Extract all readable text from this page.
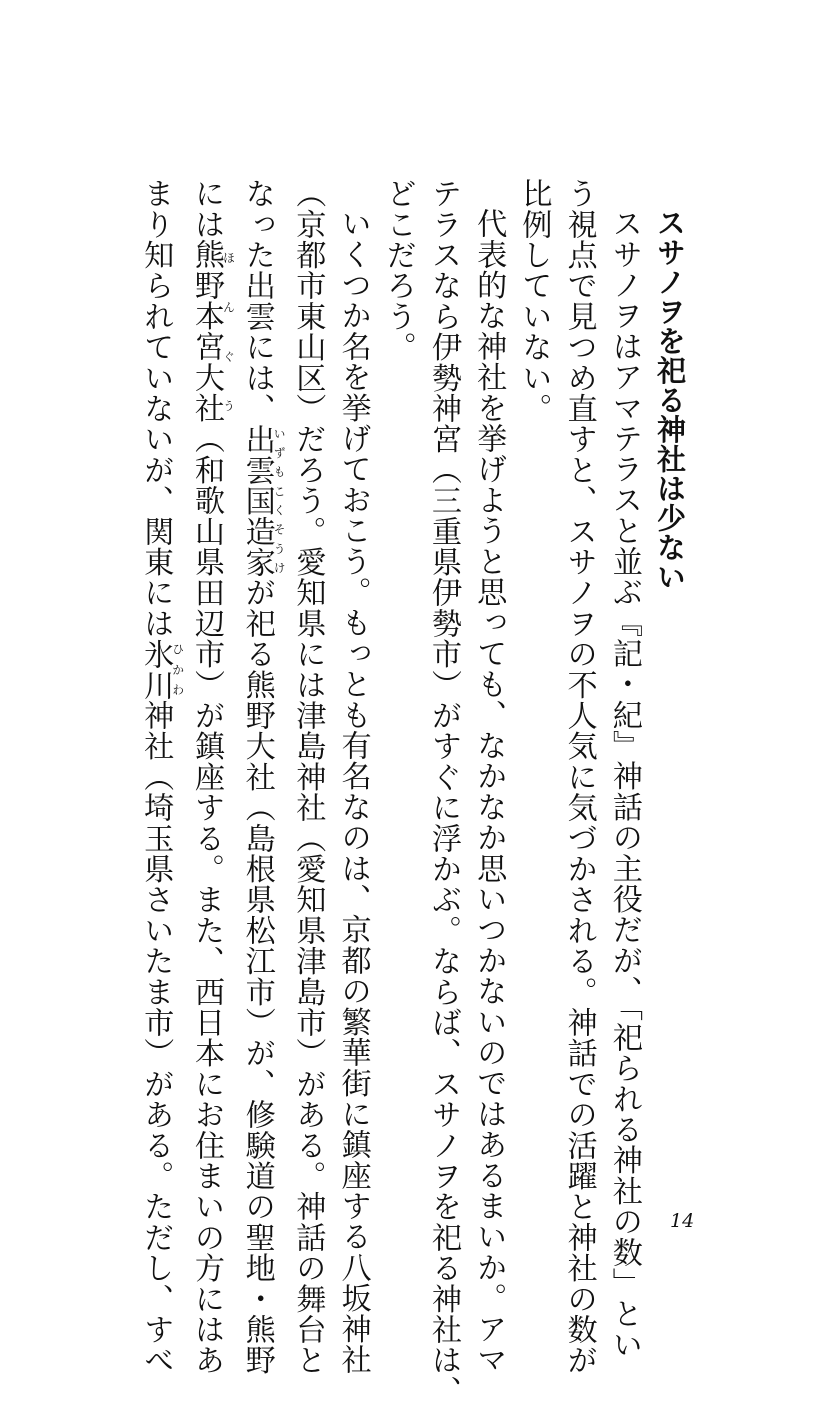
スサノヲを祀る神社は少ない
スサノヲはアマテラスと並ぶ『記・紀』神話の主役だが、「祀られる神社の数」とい
う視点で見つめ直すと、スサノヲの不人気に気づかされる。神話での活躍と神社の数が
比例していない。
代表的な神社を挙げようと思っても、なかなか思いつかないのではあるまいか。アマ
テラスなら伊勢神宮（三重県伊勢市）がすぐに浮かぶ。ならば、スサノヲを祀る神社は、
どこだろう。
いくつか名を挙げておこう。もっとも有名なのは、京都の繁華街に鎮座する八坂神社
（京都市東山区）だろう。愛知県には津島神社（愛知県津島市）がある。神話の舞台と
なった出雲には、出雲国造家いずもこくそうけが祀る熊野大社（島根県松江市）が、修験道の聖地・熊野
には熊野本宮大社ほんぐう（和歌山県田辺市）が鎮座する。また、西日本にお住まいの方にはあ
まり知られていないが、関東には氷川ひかわ神社（埼玉県さいたま市）がある。ただし、すべ	14
